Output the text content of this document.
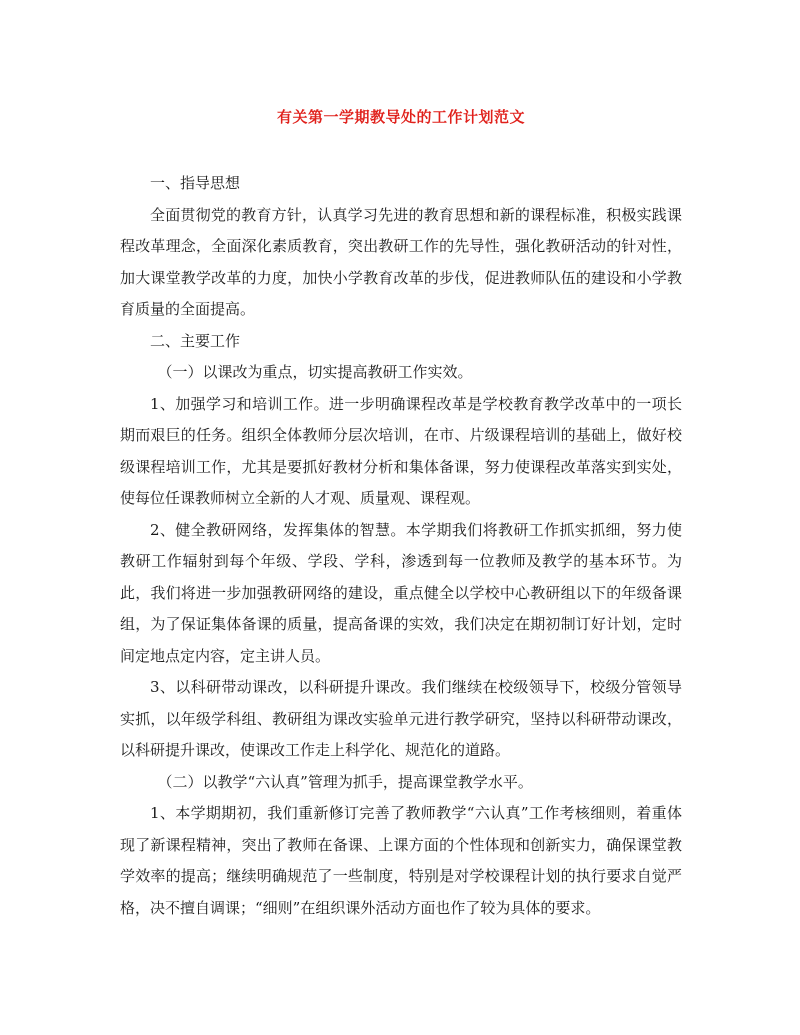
有关第一学期教导处的工作计划范文

一、指导思想

全面贯彻党的教育方针，认真学习先进的教育思想和新的课程标准，积极实践课程改革理念，全面深化素质教育，突出教研工作的先导性，强化教研活动的针对性，加大课堂教学改革的力度，加快小学教育改革的步伐，促进教师队伍的建设和小学教育质量的全面提高。

二、主要工作

（一）以课改为重点，切实提高教研工作实效。

1、加强学习和培训工作。进一步明确课程改革是学校教育教学改革中的一项长期而艰巨的任务。组织全体教师分层次培训，在市、片级课程培训的基础上，做好校级课程培训工作，尤其是要抓好教材分析和集体备课，努力使课程改革落实到实处，使每位任课教师树立全新的人才观、质量观、课程观。

2、健全教研网络，发挥集体的智慧。本学期我们将教研工作抓实抓细，努力使教研工作辐射到每个年级、学段、学科，渗透到每一位教师及教学的基本环节。为此，我们将进一步加强教研网络的建设，重点健全以学校中心教研组以下的年级备课组，为了保证集体备课的质量，提高备课的实效，我们决定在期初制订好计划，定时间定地点定内容，定主讲人员。

3、以科研带动课改，以科研提升课改。我们继续在校级领导下，校级分管领导实抓，以年级学科组、教研组为课改实验单元进行教学研究，坚持以科研带动课改，以科研提升课改，使课改工作走上科学化、规范化的道路。

（二）以教学“六认真”管理为抓手，提高课堂教学水平。

1、本学期期初，我们重新修订完善了教师教学“六认真”工作考核细则，着重体现了新课程精神，突出了教师在备课、上课方面的个性体现和创新实力，确保课堂教学效率的提高；继续明确规范了一些制度，特别是对学校课程计划的执行要求自觉严格，决不擅自调课；“细则”在组织课外活动方面也作了较为具体的要求。
